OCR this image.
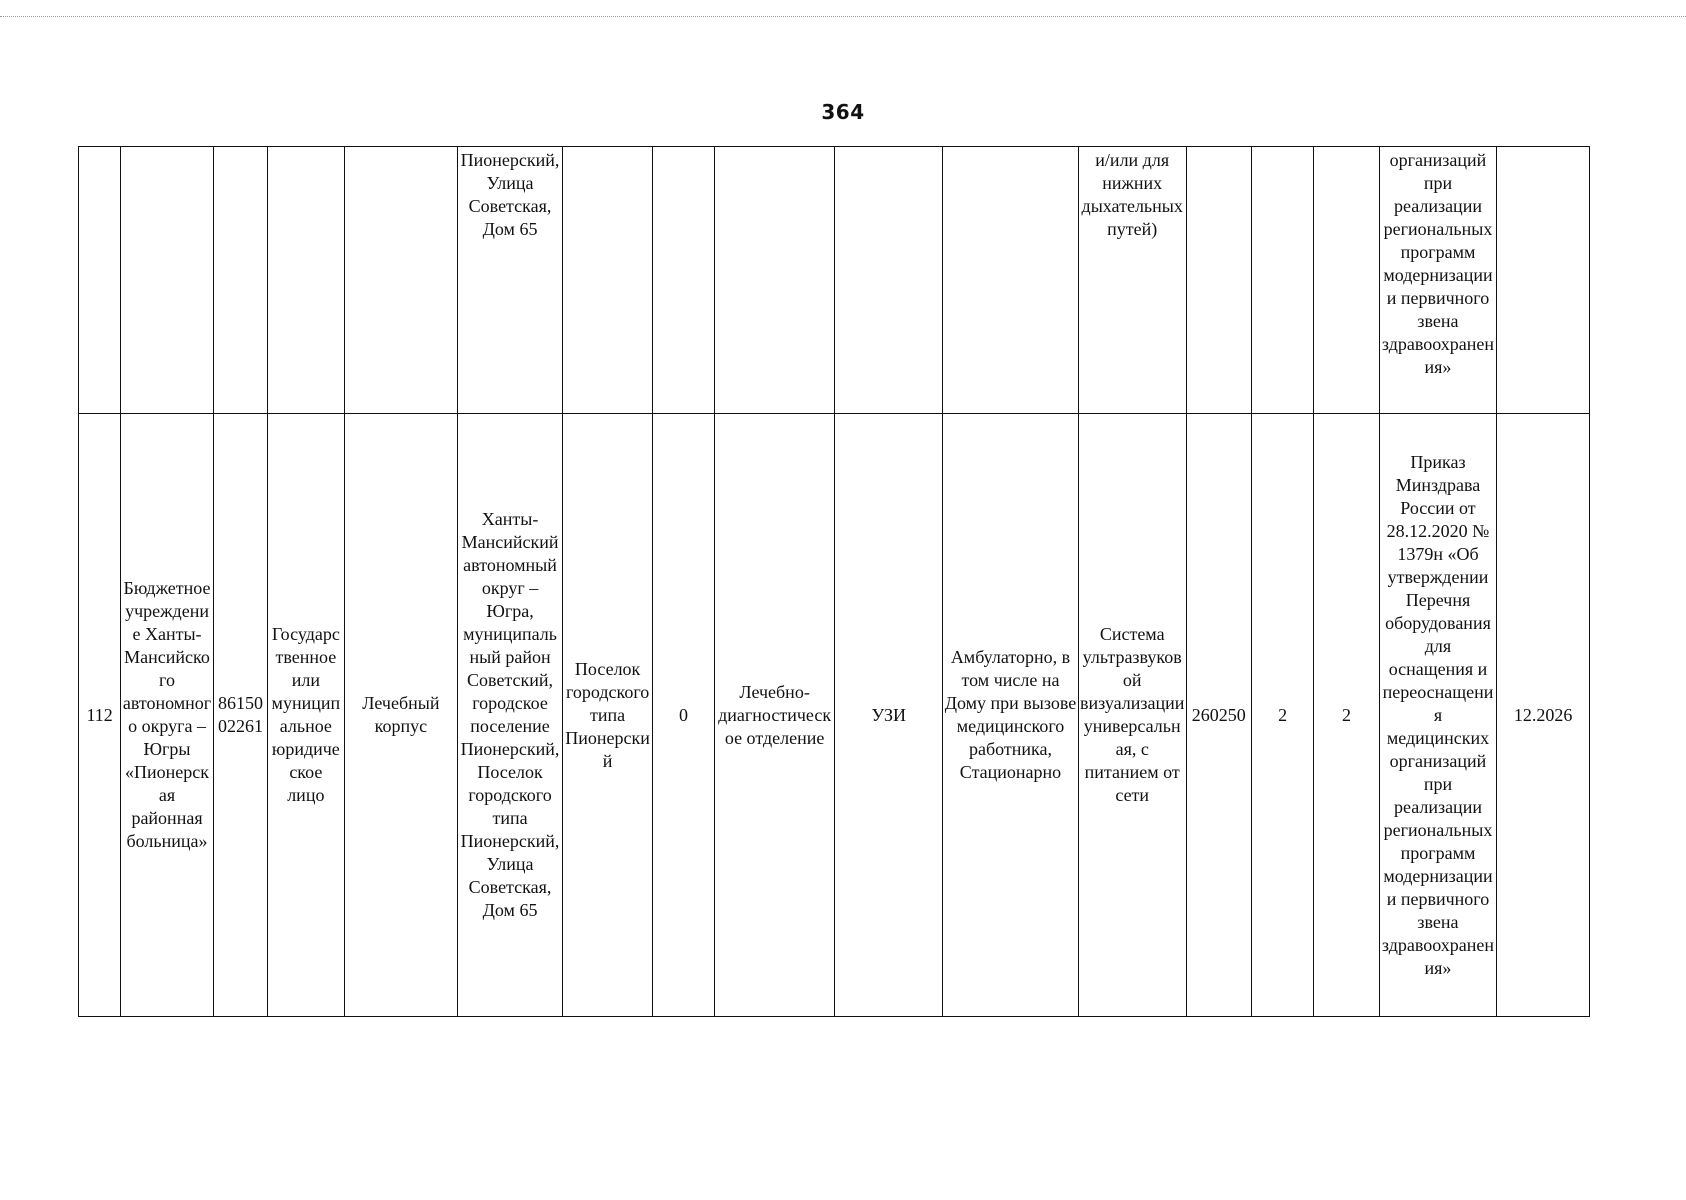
364

					Пионерский, Улица Советская, Дом 65						и/или для нижних дыхательных путей)				организаций при реализации региональных программ модернизации и первичного звена здравоохранения»	

112	Бюджетное учреждение Ханты-Мансийского автономного округа – Югры «Пионерская районная больница»	8615002261	Государственное или муниципальное юридическое лицо	Лечебный корпус	Ханты-Мансийский автономный округ – Югра, муниципальный район Советский, городское поселение Пионерский, Поселок городского типа Пионерский, Улица Советская, Дом 65	Поселок городского типа Пионерский	0	Лечебно-диагностическое отделение	УЗИ	Амбулаторно, в том числе на Дому при вызове медицинского работника, Стационарно	Система ультразвуковой визуализации универсальная, с питанием от сети	260250	2	2	Приказ Минздрава России от 28.12.2020 № 1379н «Об утверждении Перечня оборудования для оснащения и переоснащения медицинских организаций при реализации региональных программ модернизации и первичного звена здравоохранения»	12.2026
